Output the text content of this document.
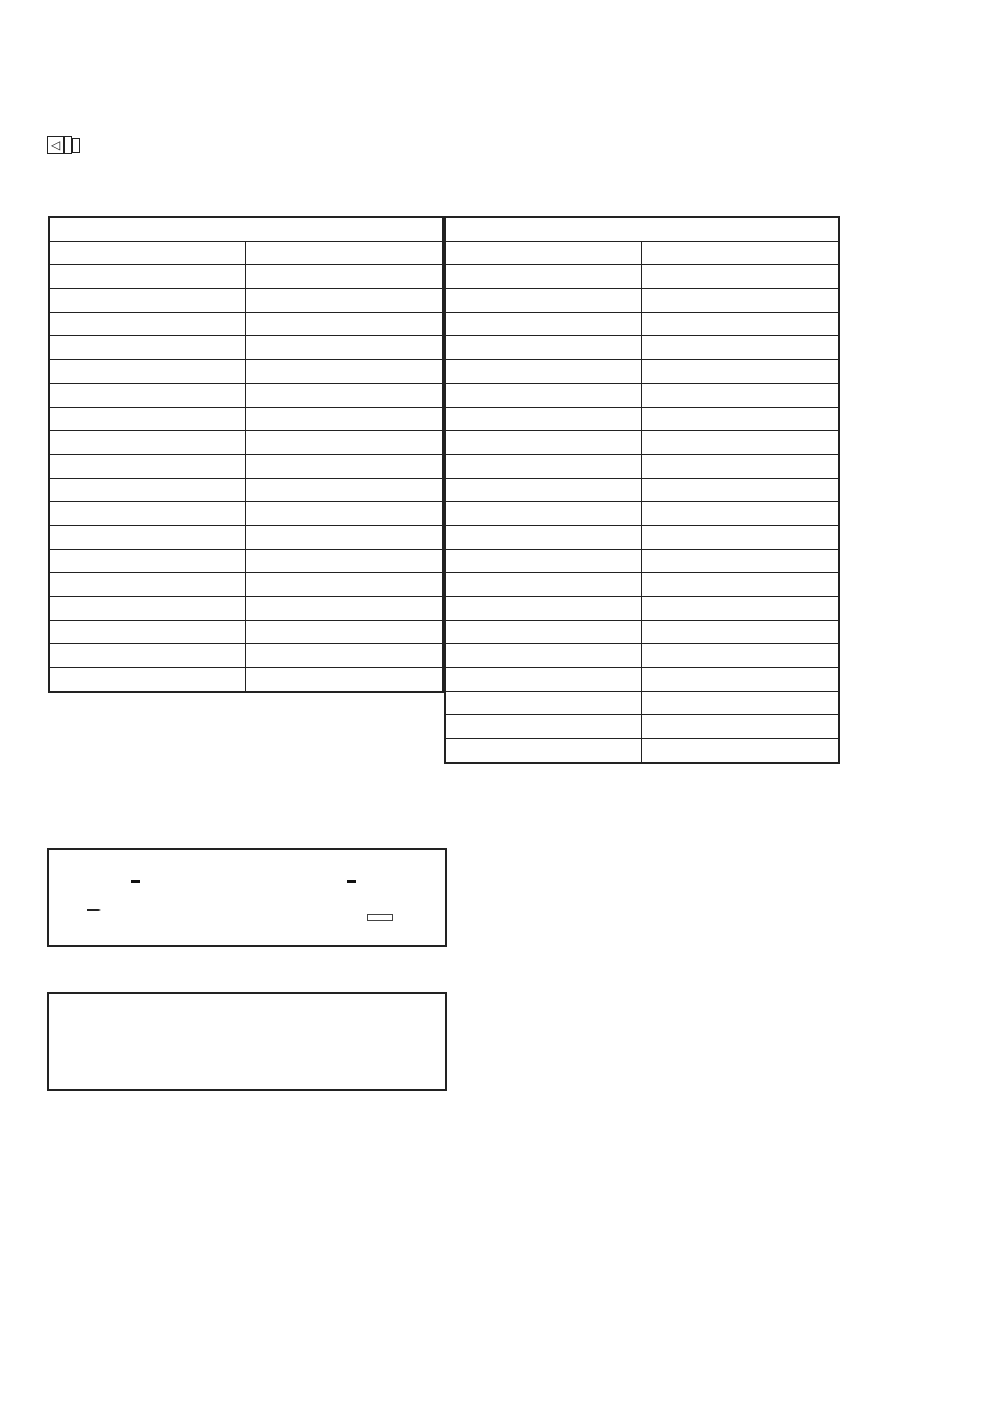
◁
